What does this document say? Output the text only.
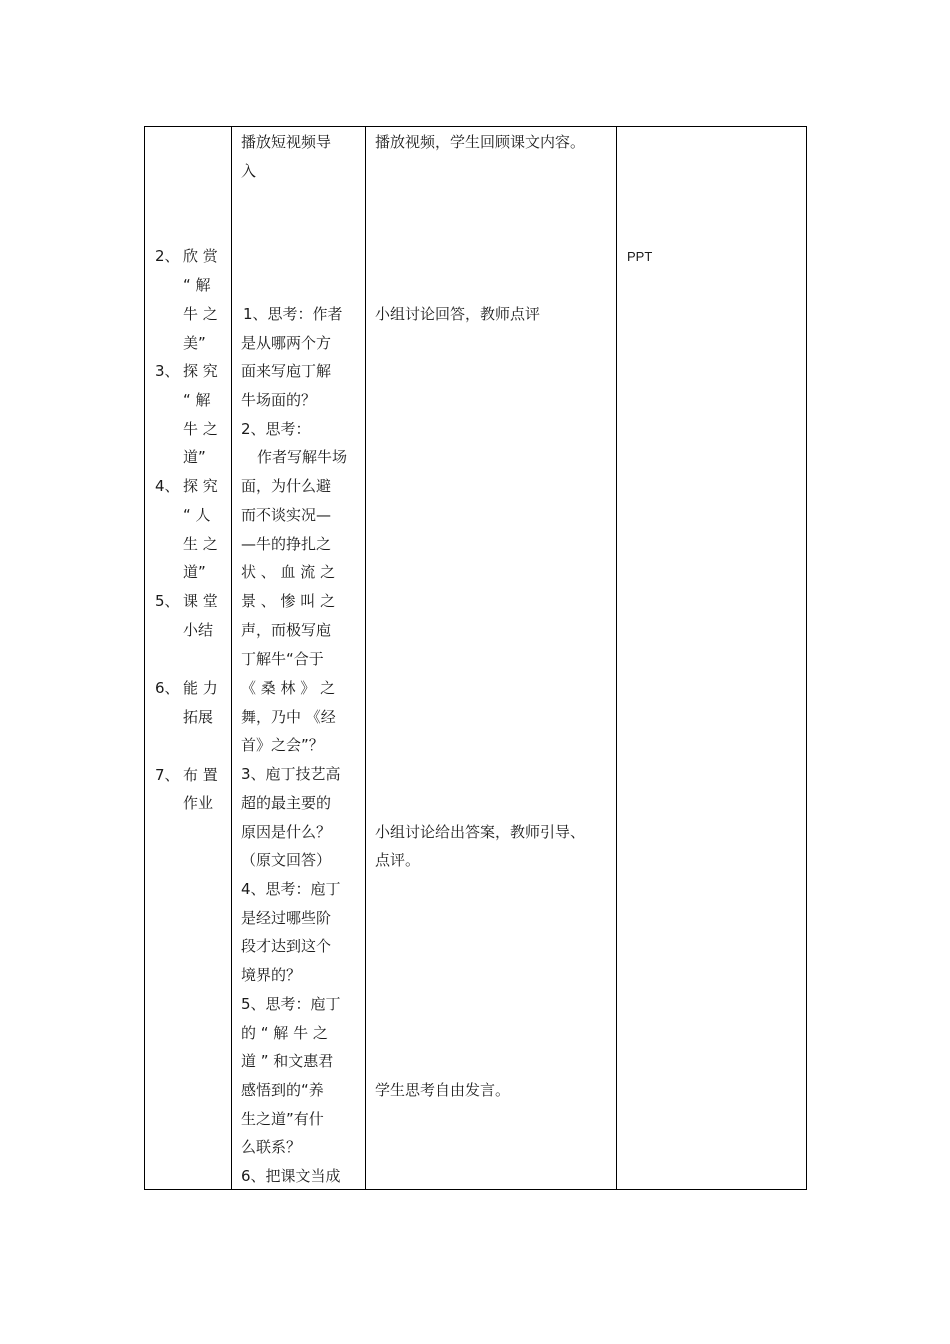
2、 欣 赏
“ 解
牛 之
美”
3、 探 究
“ 解
牛 之
道”
4、 探 究
“ 人
生 之
道”
5、 课 堂
小结
6、 能 力
拓展
7、 布 置
作业
播放短视频导
入
1、思考：作者
是从哪两个方
面来写庖丁解
牛场面的？
2、思考：
作者写解牛场
面，为什么避
而不谈实况—
—牛的挣扎之
状 、 血 流 之
景 、 惨 叫 之
声，而极写庖
丁解牛“合于
《 桑 林 》 之
舞，乃中 《经
首》之会”？
3、庖丁技艺高
超的最主要的
原因是什么？
（原文回答）
4、思考：庖丁
是经过哪些阶
段才达到这个
境界的？
5、思考：庖丁
的 “ 解 牛 之
道 ” 和文惠君
感悟到的“养
生之道”有什
么联系？
6、把课文当成
播放视频，学生回顾课文内容。
小组讨论回答，教师点评
小组讨论给出答案，教师引导、
点评。
学生思考自由发言。
PPT
